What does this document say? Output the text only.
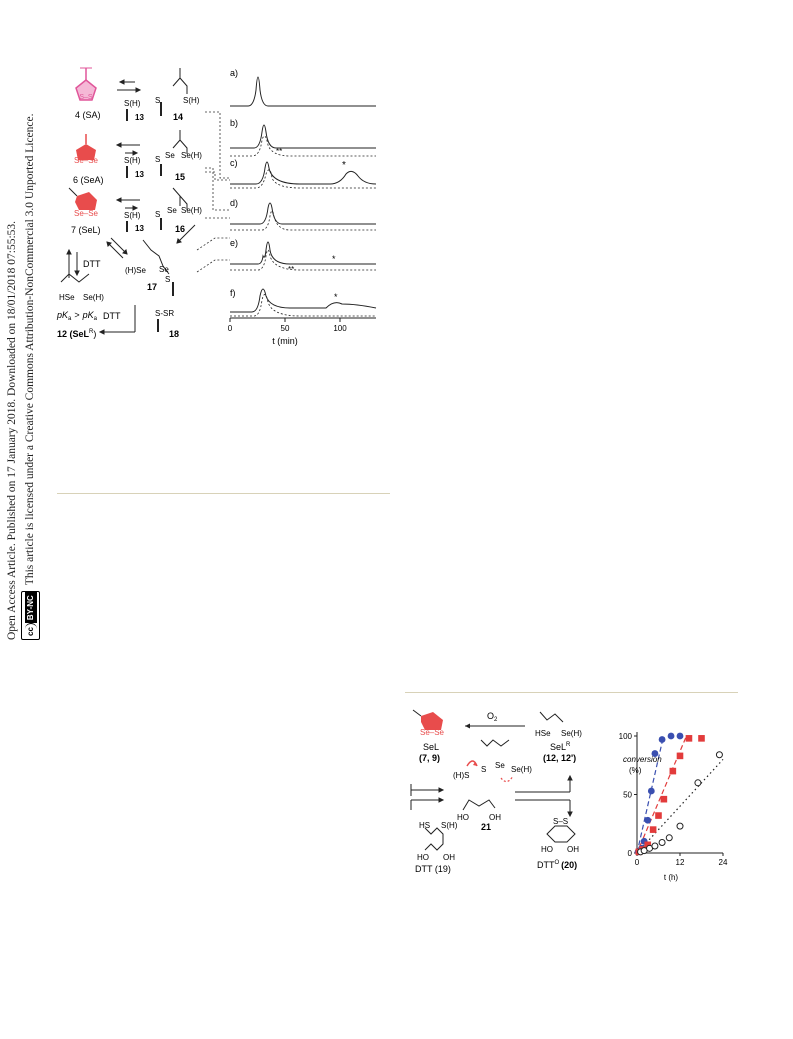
Open Access Article. Published on 17 January 2018. Downloaded on 18/01/2018 07:55:53.	ccBY-NCThis article is licensed under a Creative Commons Attribution-NonCommercial 3.0 Unported Licence.
S–S
4 (SA)
Se–Se
6 (SeA)
Se–Se
7 (SeL)
DTT
DTT
S(H)
13
S(H)
13
S(H)
13
S	S(H)
14
S Se Se(H)
15
S Se Se(H)
16
(H)Se Se
S
17
HSe Se(H)
$pK_a > pK_a$
12 (SeL$^R$)
S-SR
18
a)
b)
**
c)	*
d)
e)
**
*
f)	*
0	50	100
t (min)
Se–Se
SeL
(7, 9)
$O_2$
HSe Se(H)
SeL$^R$
(12, 12')
(H)S
S Se Se(H)
HO	OH
21
HS S(H)
HO OH
DTT (19)
S–S
HO OH
$DTT^O$ (20)	0	12	24
0
50
100
conversion
(%)
t (h)
